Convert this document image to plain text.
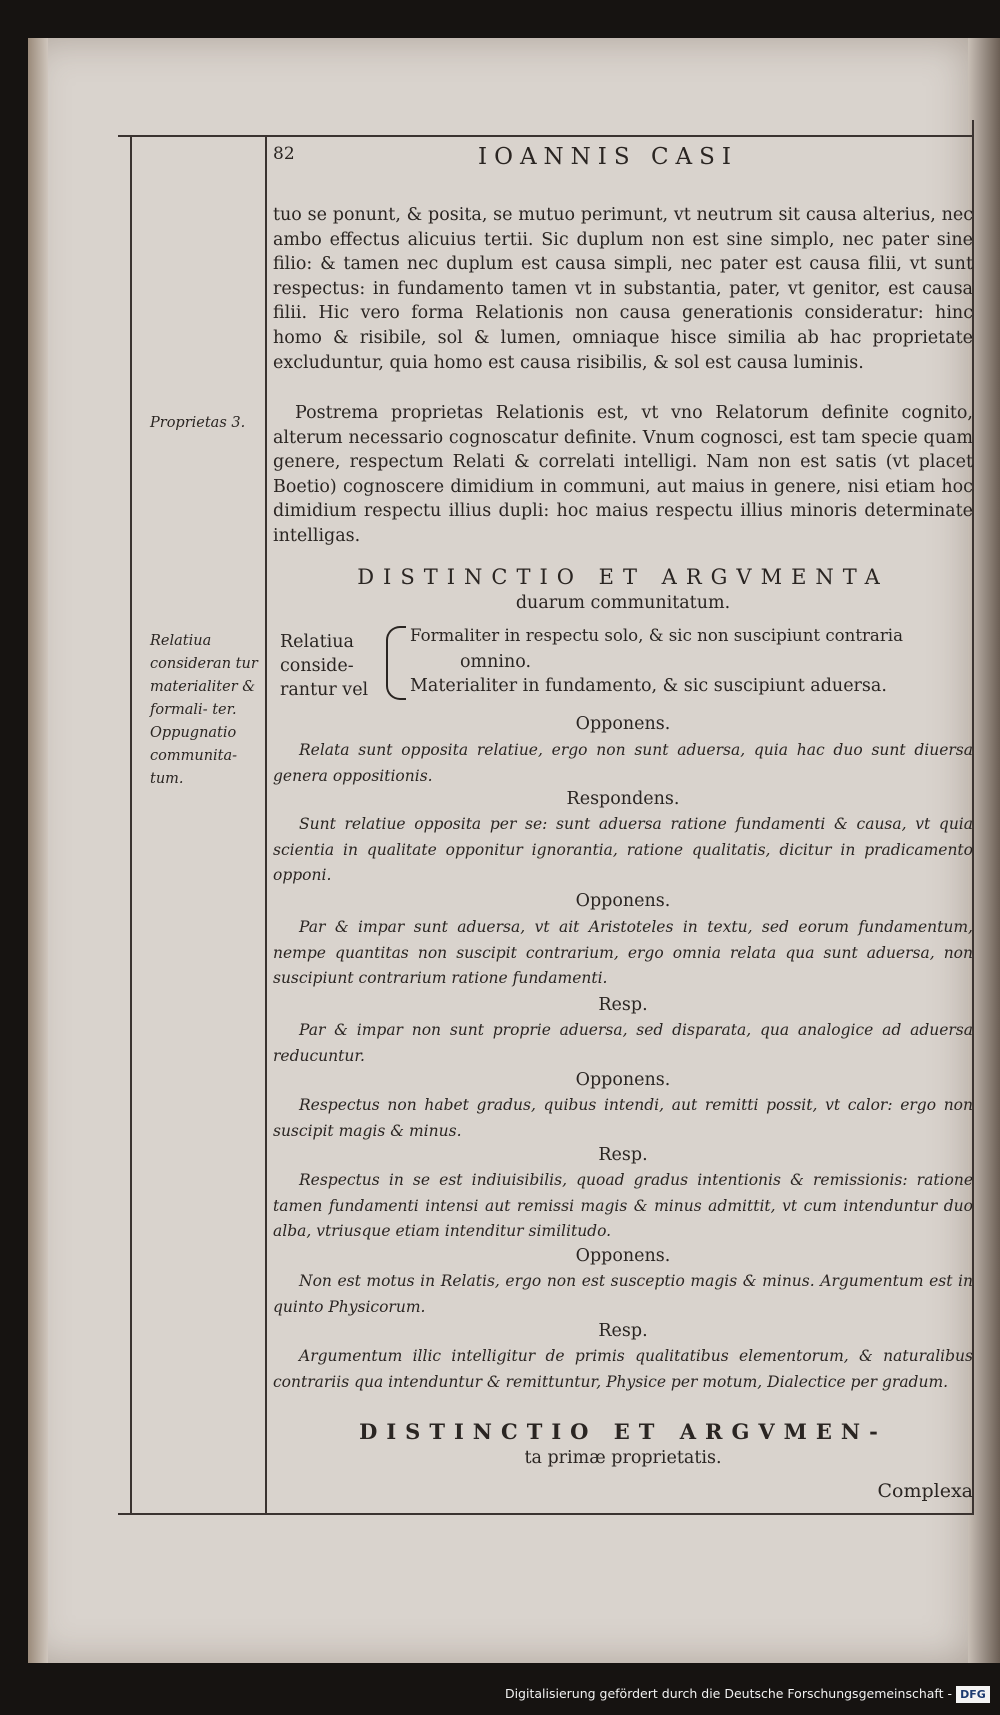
82	IOANNIS CASI
Proprietas 3.
Relatiua consideran tur materialiter & formali- ter. Oppugnatio communita- tum.
tuo se ponunt, & posita, se mutuo perimunt, vt neutrum sit causa alterius, nec ambo effectus alicuius tertii. Sic duplum non est sine simplo, nec pater sine filio: & tamen nec duplum est causa simpli, nec pater est causa filii, vt sunt respectus: in fundamento tamen vt in substantia, pater, vt genitor, est causa filii. Hic vero forma Relationis non causa generationis consideratur: hinc homo & risibile, sol & lumen, omniaque hisce similia ab hac proprietate excluduntur, quia homo est causa risibilis, & sol est causa luminis.
Postrema proprietas Relationis est, vt vno Relatorum definite cognito, alterum necessario cognoscatur definite. Vnum cognosci, est tam specie quam genere, respectum Relati & correlati intelligi. Nam non est satis (vt placet Boetio) cognoscere dimidium in communi, aut maius in genere, nisi etiam hoc dimidium respectu illius dupli: hoc maius respectu illius minoris determinate intelligas.
DISTINCTIO ET ARGVMENTA
duarum communitatum.
Relatiua
conside-
rantur vel
Formaliter in respectu solo, & sic non suscipiunt contraria
omnino.
Materialiter in fundamento, & sic suscipiunt aduersa.
Opponens.
Relata sunt opposita relatiue, ergo non sunt aduersa, quia hac duo sunt diuersa genera oppositionis.
Respondens.
Sunt relatiue opposita per se: sunt aduersa ratione fundamenti & causa, vt quia scientia in qualitate opponitur ignorantia, ratione qualitatis, dicitur in pradicamento opponi.
Opponens.
Par & impar sunt aduersa, vt ait Aristoteles in textu, sed eorum fundamentum, nempe quantitas non suscipit contrarium, ergo omnia relata qua sunt aduersa, non suscipiunt contrarium ratione fundamenti.
Resp.
Par & impar non sunt proprie aduersa, sed disparata, qua analogice ad aduersa reducuntur.
Opponens.
Respectus non habet gradus, quibus intendi, aut remitti possit, vt calor: ergo non suscipit magis & minus.
Resp.
Respectus in se est indiuisibilis, quoad gradus intentionis & remissionis: ratione tamen fundamenti intensi aut remissi magis & minus admittit, vt cum intenduntur duo alba, vtriusque etiam intenditur similitudo.
Opponens.
Non est motus in Relatis, ergo non est susceptio magis & minus. Argumentum est in quinto Physicorum.
Resp.
Argumentum illic intelligitur de primis qualitatibus elementorum, & naturalibus contrariis qua intenduntur & remittuntur, Physice per motum, Dialectice per gradum.
DISTINCTIO ET ARGVMEN-
ta primæ proprietatis.
Complexa
Digitalisierung gefördert durch die Deutsche Forschungsgemeinschaft - DFG
